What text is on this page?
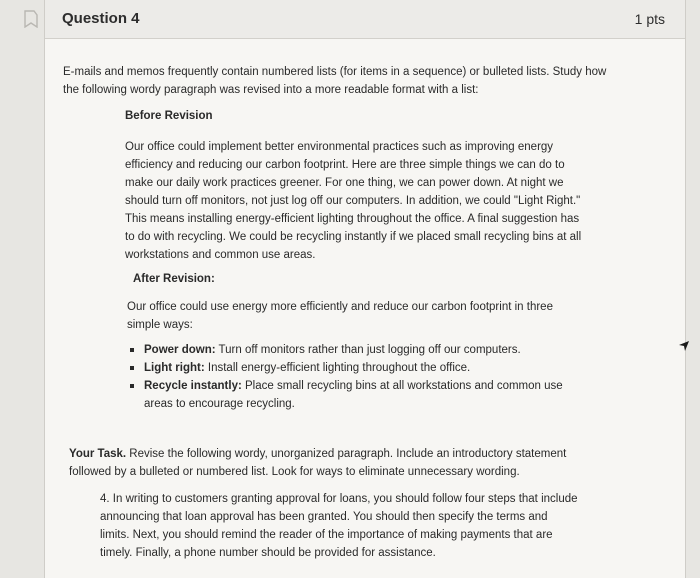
Question 4	1 pts

E-mails and memos frequently contain numbered lists (for items in a sequence) or bulleted lists. Study how the following wordy paragraph was revised into a more readable format with a list:

Before Revision

Our office could implement better environmental practices such as improving energy efficiency and reducing our carbon footprint. Here are three simple things we can do to make our daily work practices greener. For one thing, we can power down. At night we should turn off monitors, not just log off our computers. In addition, we could "Light Right." This means installing energy-efficient lighting throughout the office. A final suggestion has to do with recycling. We could be recycling instantly if we placed small recycling bins at all workstations and common use areas.

After Revision:

Our office could use energy more efficiently and reduce our carbon footprint in three simple ways:

Power down: Turn off monitors rather than just logging off our computers.
Light right: Install energy-efficient lighting throughout the office.
Recycle instantly: Place small recycling bins at all workstations and common use areas to encourage recycling.

Your Task. Revise the following wordy, unorganized paragraph. Include an introductory statement followed by a bulleted or numbered list. Look for ways to eliminate unnecessary wording.

4. In writing to customers granting approval for loans, you should follow four steps that include announcing that loan approval has been granted. You should then specify the terms and limits. Next, you should remind the reader of the importance of making payments that are timely. Finally, a phone number should be provided for assistance.
